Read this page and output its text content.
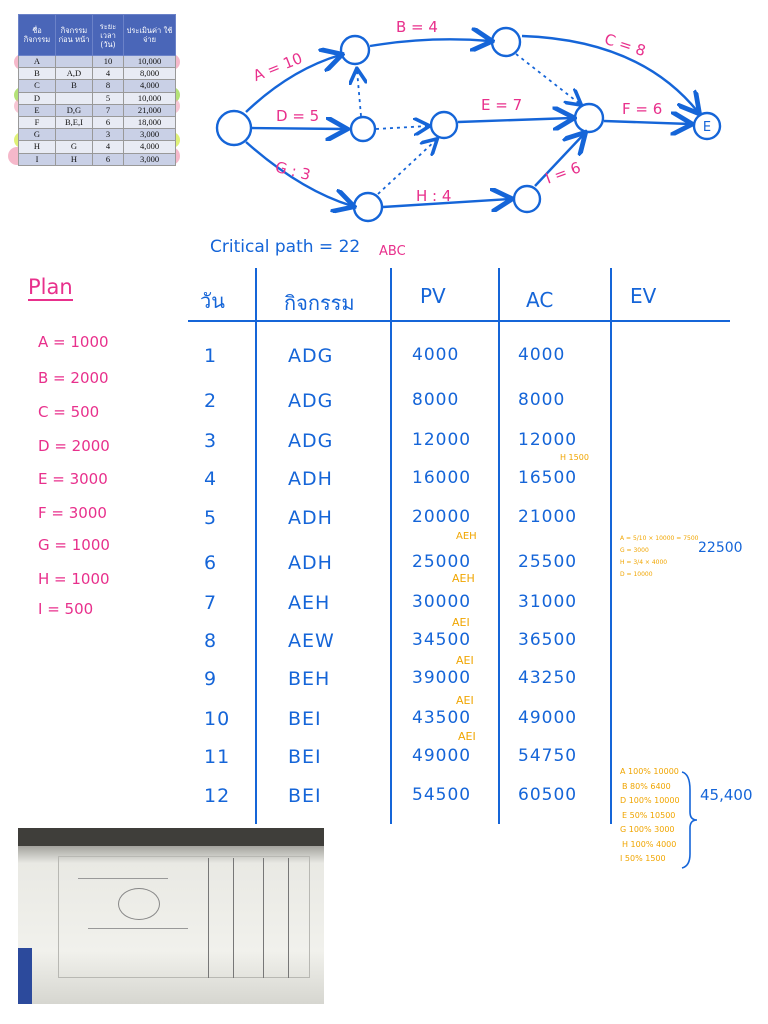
ชื่อ กิจกรรม	กิจกรรม ก่อน หน้า	ระยะ เวลา (วัน)	ประเมินค่า ใช้จ่าย
A		10	10,000
B	A,D	4	8,000
C	B	8	4,000
D		5	10,000
E	D,G	7	21,000
F	B,E,I	6	18,000
G		3	3,000
H	G	4	4,000
I	H	6	3,000
E
A = 10
B = 4
C = 8
D = 5
E = 7	F = 6
G : 3
H : 4
I = 6
Critical path = 22 ABC
Plan
A = 1000
B = 2000
C = 500
D = 2000
E = 3000
F = 3000
G = 1000
H = 1000
I = 500
วัน	กิจกรรม	PV	AC	EV
1	ADG	4000	4000
2	ADG	8000	8000
3	ADG	12000	12000
4	ADH	16000	16500
5	ADH	20000	21000
6	ADH	25000	25500
7	AEH	30000	31000
8	AEW	34500	36500
9	BEH	39000	43250
10	BEI	43500	49000
11	BEI	49000	54750
12	BEI	54500	60500
H 1500
AEH
AEH
AEI
AEI
AEI
AEI
A = 5/10 × 10000 = 7500
G = 3000
H = 3/4 × 4000
D = 10000
22500
A 100% 10000
B 80% 6400
D 100% 10000
E 50% 10500
G 100% 3000
H 100% 4000
I 50% 1500
45,400
